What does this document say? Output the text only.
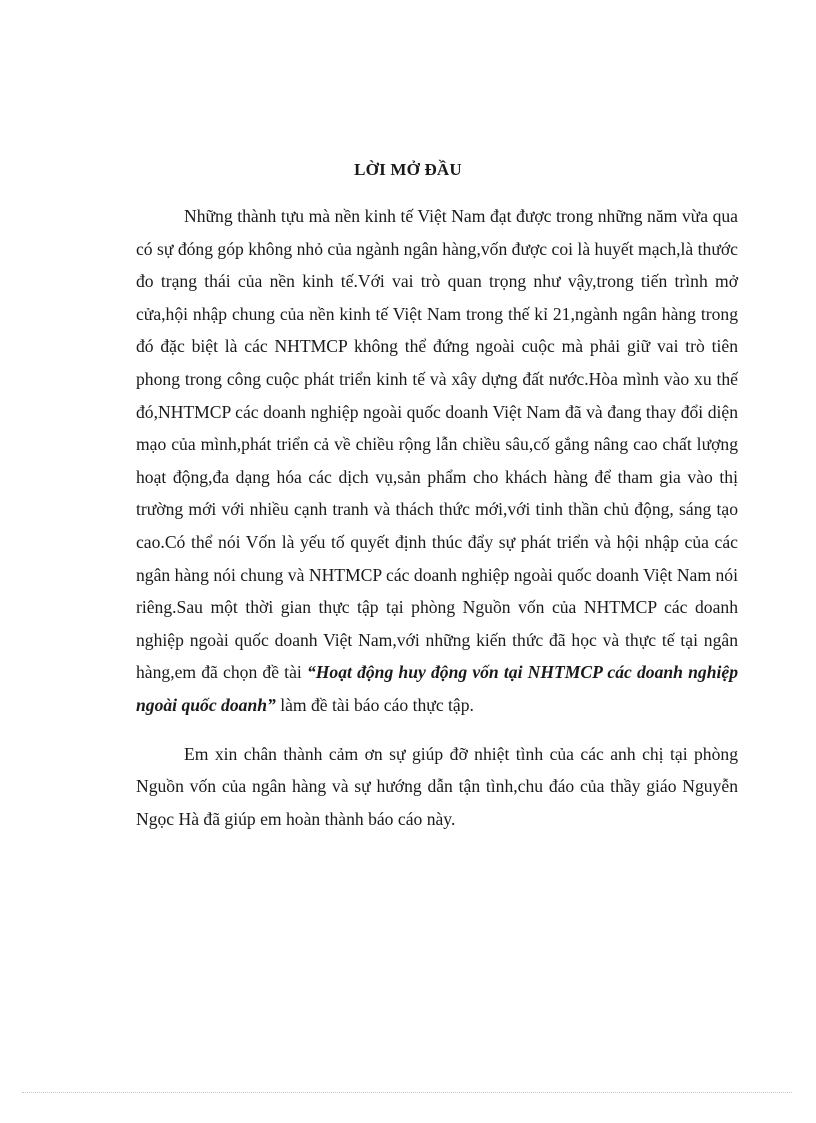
LỜI MỞ ĐẦU

Những thành tựu mà nền kinh tế Việt Nam đạt được trong những năm vừa qua có sự đóng góp không nhỏ của ngành ngân hàng,vốn được coi là huyết mạch,là thước đo trạng thái của nền kinh tế.Với vai trò quan trọng như vậy,trong tiến trình mở cửa,hội nhập chung của nền kinh tế Việt Nam trong thế kỉ 21,ngành ngân hàng trong đó đặc biệt là các NHTMCP không thể đứng ngoài cuộc mà phải giữ vai trò tiên phong trong công cuộc phát triển kinh tế và xây dựng đất nước.Hòa mình vào xu thế đó,NHTMCP các doanh nghiệp ngoài quốc doanh Việt Nam đã và đang thay đổi diện mạo của mình,phát triển cả về chiều rộng lẫn chiều sâu,cố gắng nâng cao chất lượng hoạt động,đa dạng hóa các dịch vụ,sản phẩm cho khách hàng để tham gia vào thị trường mới với nhiều cạnh tranh và thách thức mới,với tinh thần chủ động, sáng tạo cao.Có thể nói Vốn là yếu tố quyết định thúc đẩy sự phát triển và hội nhập của các ngân hàng nói chung và NHTMCP các doanh nghiệp ngoài quốc doanh Việt Nam nói riêng.Sau một thời gian thực tập tại phòng Nguồn vốn của NHTMCP các doanh nghiệp ngoài quốc doanh Việt Nam,với những kiến thức đã học và thực tế tại ngân hàng,em đã chọn đề tài “Hoạt động huy động vốn tại NHTMCP các doanh nghiệp ngoài quốc doanh” làm đề tài báo cáo thực tập.

Em xin chân thành cảm ơn sự giúp đỡ nhiệt tình của các anh chị tại phòng Nguồn vốn của ngân hàng và sự hướng dẫn tận tình,chu đáo của thầy giáo Nguyễn Ngọc Hà đã giúp em hoàn thành báo cáo này.
